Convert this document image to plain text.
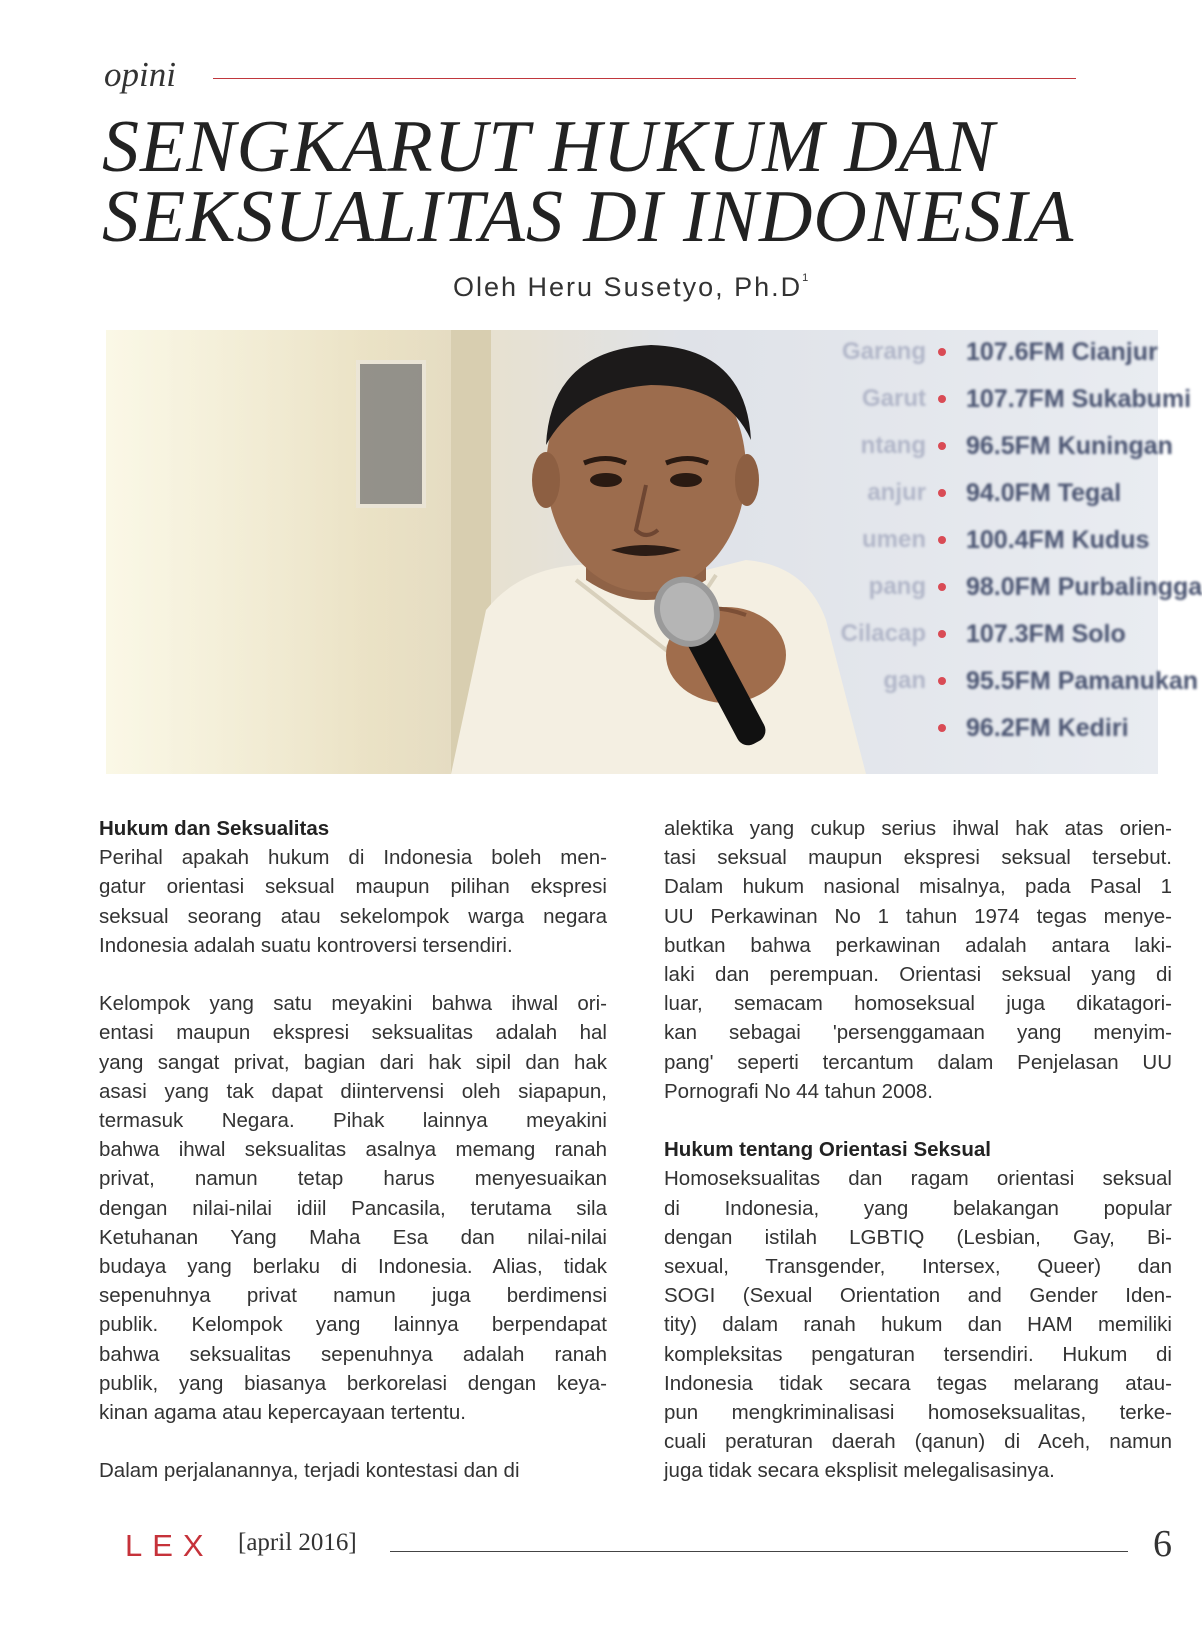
opini
SENGKARUT HUKUM DAN
SEKSUALITAS DI INDONESIA
Oleh Heru Susetyo, $Ph.D^1$
Garang 107.6FM Cianjur
Garut 107.7FM Sukabumi
ntang 96.5FM Kuningan
anjur 94.0FM Tegal
umen 100.4FM Kudus
pang 98.0FM Purbalingga
Cilacap 107.3FM Solo
gan 95.5FM Pamanukan
96.2FM Kediri

Hukum dan Seksualitas

Perihal apakah hukum di Indonesia boleh men-
gatur orientasi seksual maupun pilihan ekspresi
seksual seorang atau sekelompok warga negara
Indonesia adalah suatu kontroversi tersendiri.
Kelompok yang satu meyakini bahwa ihwal ori-
entasi maupun ekspresi seksualitas adalah hal
yang sangat privat, bagian dari hak sipil dan hak
asasi yang tak dapat diintervensi oleh siapapun,
termasuk Negara. Pihak lainnya meyakini
bahwa ihwal seksualitas asalnya memang ranah
privat, namun tetap harus menyesuaikan
dengan nilai-nilai idiil Pancasila, terutama sila
Ketuhanan Yang Maha Esa dan nilai-nilai
budaya yang berlaku di Indonesia. Alias, tidak
sepenuhnya privat namun juga berdimensi
publik. Kelompok yang lainnya berpendapat
bahwa seksualitas sepenuhnya adalah ranah
publik, yang biasanya berkorelasi dengan keya-
kinan agama atau kepercayaan tertentu.
Dalam perjalanannya, terjadi kontestasi dan di
alektika yang cukup serius ihwal hak atas orien-
tasi seksual maupun ekspresi seksual tersebut.
Dalam hukum nasional misalnya, pada Pasal 1
UU Perkawinan No 1 tahun 1974 tegas menye-
butkan bahwa perkawinan adalah antara laki-
laki dan perempuan. Orientasi seksual yang di
luar, semacam homoseksual juga dikatagori-
kan sebagai 'persenggamaan yang menyim-
pang' seperti tercantum dalam Penjelasan UU
Pornografi No 44 tahun 2008.

Hukum tentang Orientasi Seksual

Homoseksualitas dan ragam orientasi seksual
di Indonesia, yang belakangan popular
dengan istilah LGBTIQ (Lesbian, Gay, Bi-
sexual, Transgender, Intersex, Queer) dan
SOGI (Sexual Orientation and Gender Iden-
tity) dalam ranah hukum dan HAM memiliki
kompleksitas pengaturan tersendiri. Hukum di
Indonesia tidak secara tegas melarang atau-
pun mengkriminalisasi homoseksualitas, terke-
cuali peraturan daerah (qanun) di Aceh, namun
juga tidak secara eksplisit melegalisasinya.
LEX [april 2016]	6
